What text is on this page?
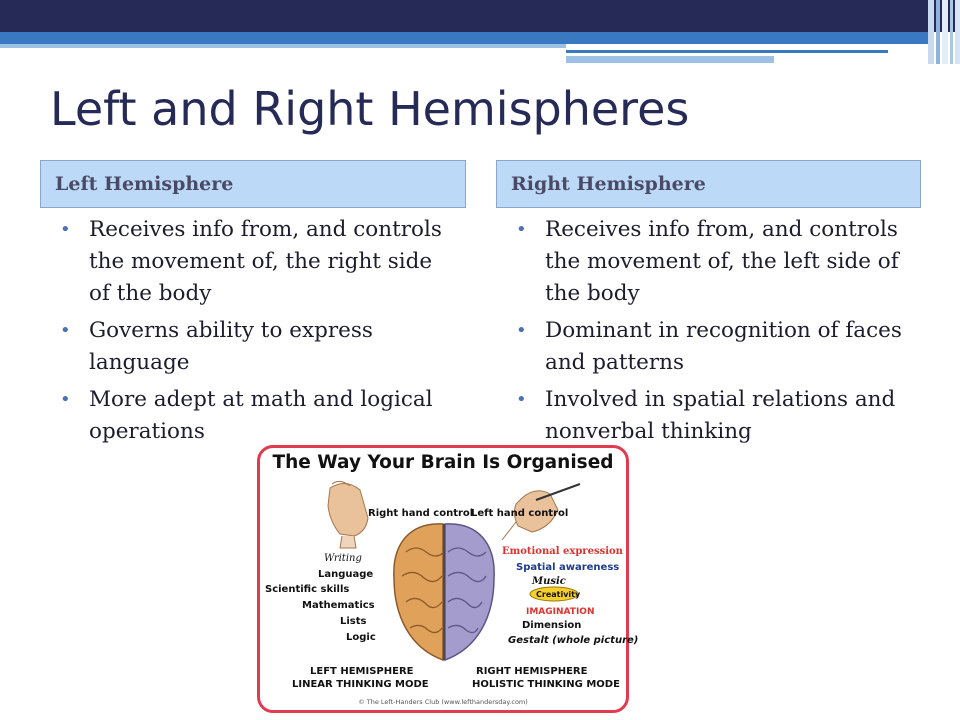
Left and Right Hemispheres
Left Hemisphere	Right Hemisphere
• Receives info from, and controls the movement of, the right side of the body
• Governs ability to express language
• More adept at math and logical operations
• Receives info from, and controls the movement of, the left side of the body
• Dominant in recognition of faces and patterns
• Involved in spatial relations and nonverbal thinking
The Way Your Brain Is Organised
Right hand control
Left hand control
Writing
Language
Scientific skills
Mathematics
Lists
Logic
Emotional expression
Spatial awareness
Music
Creativity
IMAGINATION
Dimension
Gestalt (whole picture)
LEFT HEMISPHERE
LINEAR THINKING MODE
RIGHT HEMISPHERE
HOLISTIC THINKING MODE
© The Left-Handers Club (www.lefthandersday.com)
